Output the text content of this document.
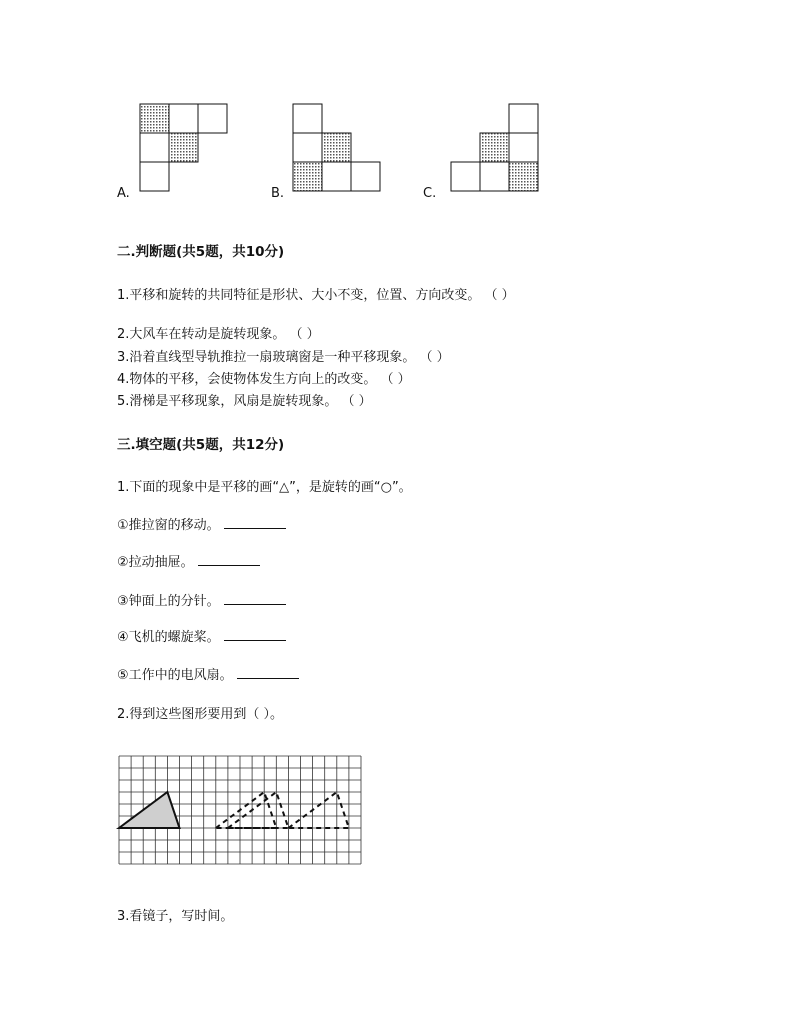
A.	B.	C.
二.判断题(共5题，共10分)
1.平移和旋转的共同特征是形状、大小不变，位置、方向改变。 （ ）
2.大风车在转动是旋转现象。 （ ）
3.沿着直线型导轨推拉一扇玻璃窗是一种平移现象。 （ ）
4.物体的平移，会使物体发生方向上的改变。 （ ）
5.滑梯是平移现象，风扇是旋转现象。 （ ）
三.填空题(共5题，共12分)
1.下面的现象中是平移的画“△”，是旋转的画“○”。
①推拉窗的移动。
②拉动抽屉。
③钟面上的分针。
④飞机的螺旋桨。
⑤工作中的电风扇。
2.得到这些图形要用到（ ）。
3.看镜子，写时间。
